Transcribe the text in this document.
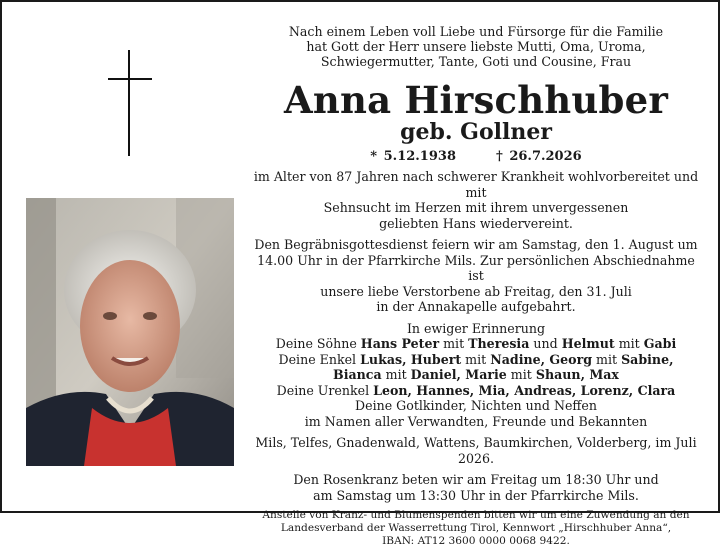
Nach einem Leben voll Liebe und Fürsorge für die Familie

hat Gott der Herr unsere liebste Mutti, Oma, Uroma,

Schwiegermutter, Tante, Goti und Cousine, Frau

Anna Hirschhuber

geb. Gollner

* 5.12.1938	† 26.7.2026

im Alter von 87 Jahren nach schwerer Krankheit wohlvorbereitet und mit

Sehnsucht im Herzen mit ihrem unvergessenen

geliebten Hans wiedervereint.

Den Begräbnisgottesdienst feiern wir am Samstag, den 1. August um

14.00 Uhr in der Pfarrkirche Mils. Zur persönlichen Abschiednahme ist

unsere liebe Verstorbene ab Freitag, den 31. Juli

in der Annakapelle aufgebahrt.

In ewiger Erinnerung

Deine Söhne Hans Peter mit Theresia und Helmut mit Gabi

Deine Enkel Lukas, Hubert mit Nadine, Georg mit Sabine,

Bianca mit Daniel, Marie mit Shaun, Max

Deine Urenkel Leon, Hannes, Mia, Andreas, Lorenz, Clara

Deine Gotlkinder, Nichten und Neffen

im Namen aller Verwandten, Freunde und Bekannten

Mils, Telfes, Gnadenwald, Wattens, Baumkirchen, Volderberg, im Juli 2026.

Den Rosenkranz beten wir am Freitag um 18:30 Uhr und

am Samstag um 13:30 Uhr in der Pfarrkirche Mils.

Anstelle von Kranz- und Blumenspenden bitten wir um eine Zuwendung an den

Landesverband der Wasserrettung Tirol, Kennwort „Hirschhuber Anna“,

IBAN: AT12 3600 0000 0068 9422.
